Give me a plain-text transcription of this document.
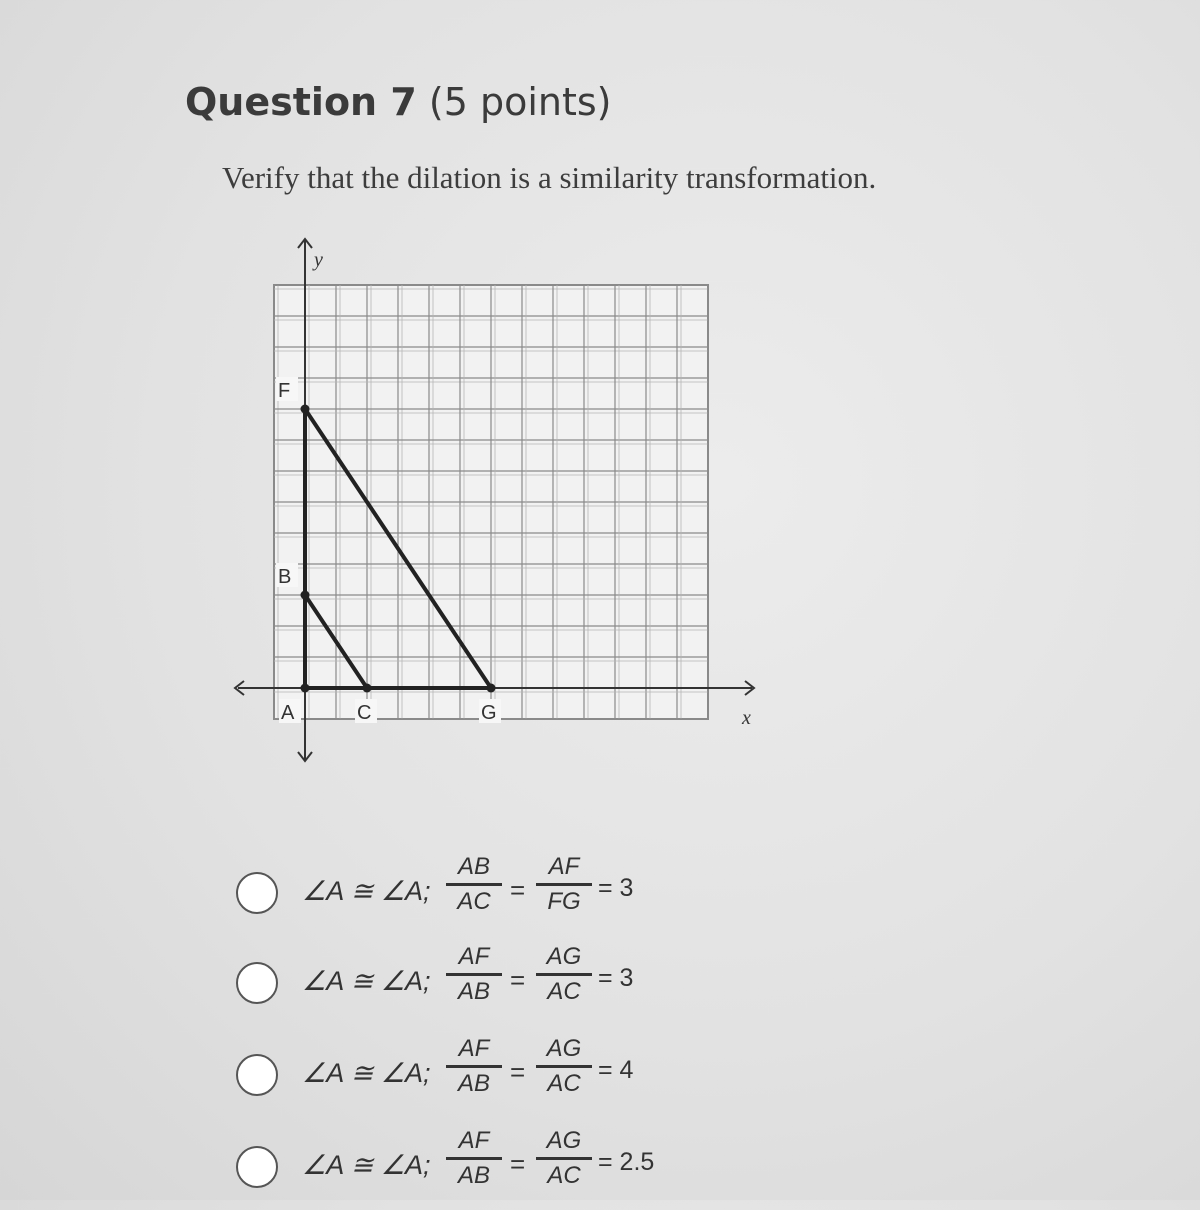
Question 7 (5 points)
Verify that the dilation is a similarity transformation.
x
y
A
B
C
F
G
∠A ≅ ∠A;
AB
AC =
AF
FG = 3
∠A ≅ ∠A;
AF
AB =
AG
AC = 3
∠A ≅ ∠A;
AF
AB =
AG
AC = 4
∠A ≅ ∠A;
AF
AB =
AG
AC = 2.5
